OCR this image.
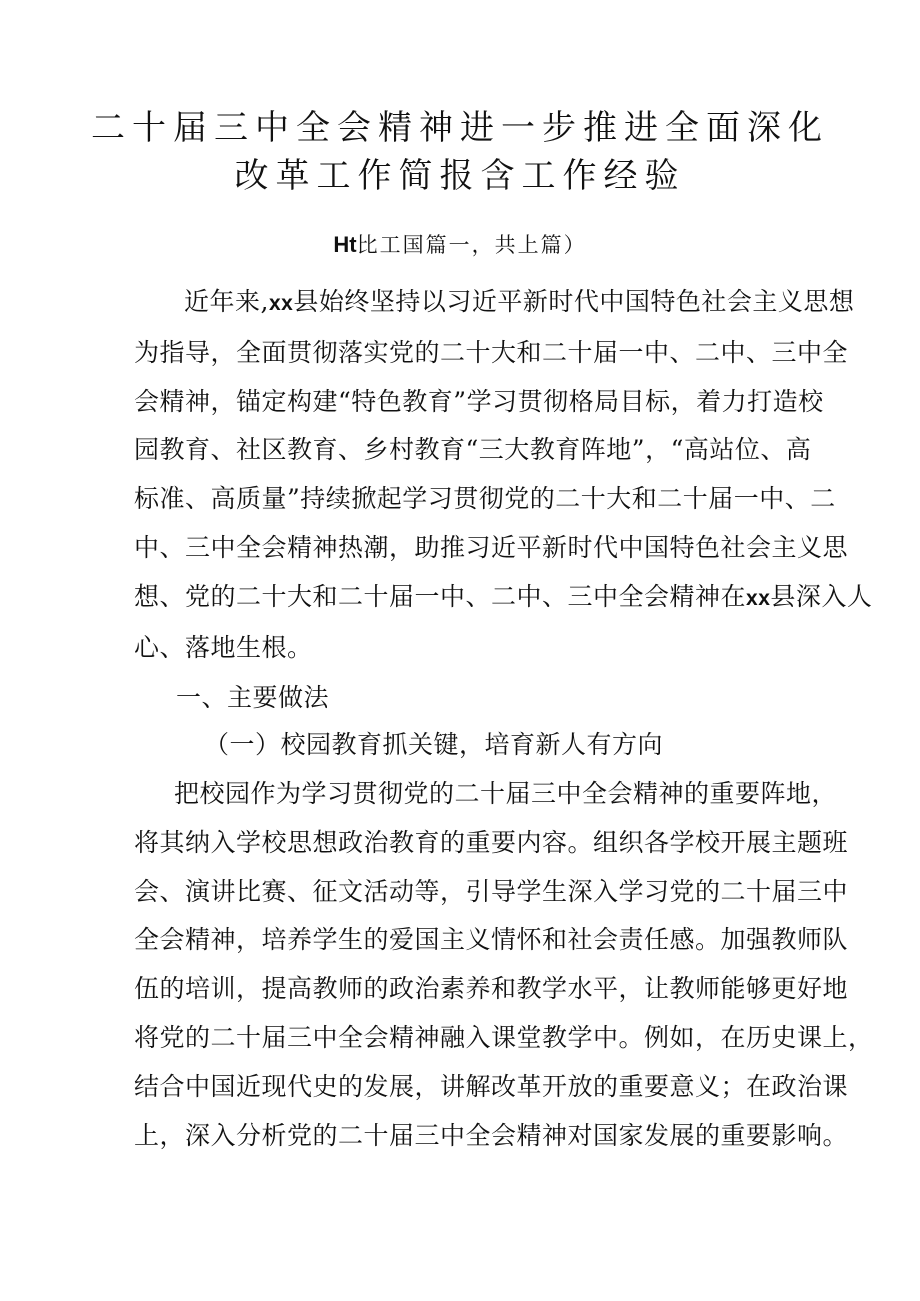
二十届三中全会精神进一步推进全面深化

改革工作简报含工作经验

Ht比工国篇一，共上篇）
近年来,xx县始终坚持以习近平新时代中国特色社会主义思想
为指导，全面贯彻落实党的二十大和二十届一中、二中、三中全
会精神，锚定构建“特色教育”学习贯彻格局目标，着力打造校
园教育、社区教育、乡村教育“三大教育阵地”，“高站位、高
标准、高质量”持续掀起学习贯彻党的二十大和二十届一中、二
中、三中全会精神热潮，助推习近平新时代中国特色社会主义思
想、党的二十大和二十届一中、二中、三中全会精神在xx县深入人
心、落地生根。

一、主要做法

（一）校园教育抓关键，培育新人有方向

把校园作为学习贯彻党的二十届三中全会精神的重要阵地，
将其纳入学校思想政治教育的重要内容。组织各学校开展主题班
会、演讲比赛、征文活动等，引导学生深入学习党的二十届三中
全会精神，培养学生的爱国主义情怀和社会责任感。加强教师队
伍的培训，提高教师的政治素养和教学水平，让教师能够更好地
将党的二十届三中全会精神融入课堂教学中。例如，在历史课上，
结合中国近现代史的发展，讲解改革开放的重要意义；在政治课
上，深入分析党的二十届三中全会精神对国家发展的重要影响。
